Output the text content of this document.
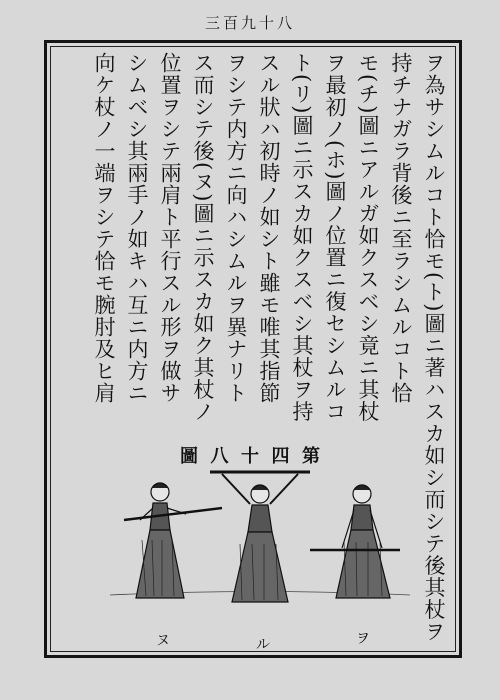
三百九十八
ヲ為サシムルコト恰モ(ト)圖ニ著ハスカ如シ而シテ後其杖ヲ
持チナガラ背後ニ至ラシムルコト恰
モ(チ)圖ニアルガ如クスベシ竟ニ其杖
ヲ最初ノ(ホ)圖ノ位置ニ復セシムルコ
ト(リ)圖ニ示スカ如クスベシ其杖ヲ持
スル狀ハ初時ノ如シト雖モ唯其指節
ヲシテ内方ニ向ハシムルヲ異ナリト
ス而シテ後(ヌ)圖ニ示スカ如ク其杖ノ
位置ヲシテ兩肩ト平行スル形ヲ做サ
シムベシ其兩手ノ如キハ互ニ内方ニ
向ケ杖ノ一端ヲシテ恰モ腕肘及ヒ肩
圖 八 十 四 第
ヌ	ル	ヲ
